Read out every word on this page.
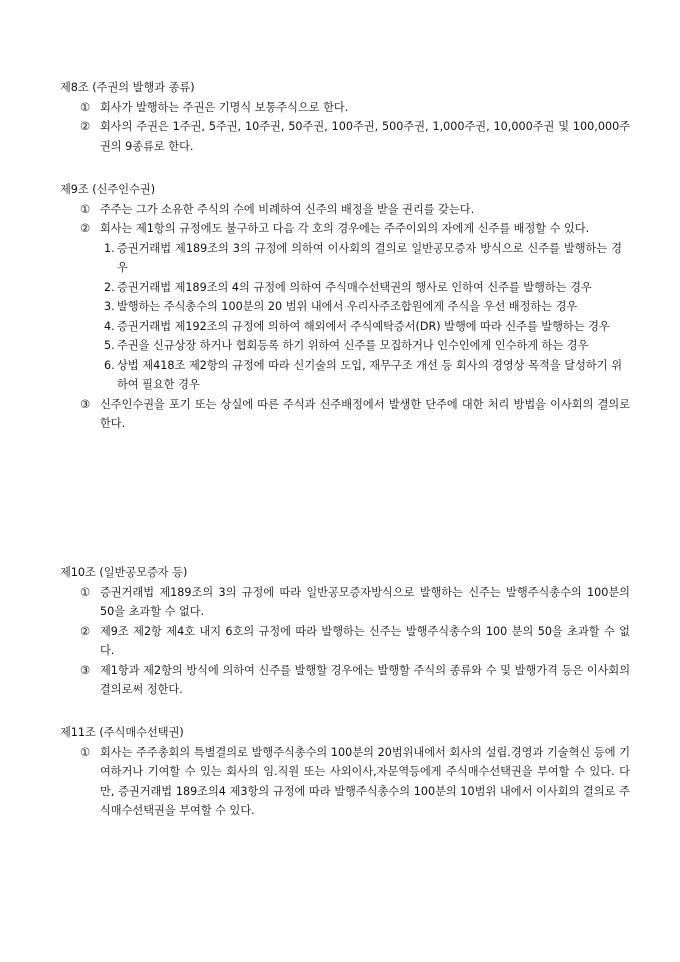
제8조 (주권의 발행과 종류)

① 회사가 발행하는 주권은 기명식 보통주식으로 한다.

② 회사의 주권은 1주권, 5주권, 10주권, 50주권, 100주권, 500주권, 1,000주권, 10,000주권 및 100,000주권의 9종류로 한다.

제9조 (신주인수권)

① 주주는 그가 소유한 주식의 수에 비례하여 신주의 배정을 받을 권리를 갖는다.

② 회사는 제1항의 규정에도 불구하고 다음 각 호의 경우에는 주주이외의 자에게 신주를 배정할 수 있다.

1. 증권거래법 제189조의 3의 규정에 의하여 이사회의 결의로 일반공모증자 방식으로 신주를 발행하는 경우

2. 증권거래법 제189조의 4의 규정에 의하여 주식매수선택권의 행사로 인하여 신주를 발행하는 경우

3. 발행하는 주식총수의 100분의 20 범위 내에서 우리사주조합원에게 주식을 우선 배정하는 경우

4. 증권거래법 제192조의 규정에 의하여 해외에서 주식예탁증서(DR) 발행에 따라 신주를 발행하는 경우

5. 주권을 신규상장 하거나 협회등록 하기 위하여 신주를 모집하거나 인수인에게 인수하게 하는 경우

6. 상법 제418조 제2항의 규정에 따라 신기술의 도입, 재무구조 개선 등 회사의 경영상 목적을 달성하기 위하여 필요한 경우

③ 신주인수권을 포기 또는 상실에 따른 주식과 신주배정에서 발생한 단주에 대한 처리 방법을 이사회의 결의로 한다.

제10조 (일반공모증자 등)

① 증권거래법 제189조의 3의 규정에 따라 일반공모증자방식으로 발행하는 신주는 발행주식총수의 100분의 50을 초과할 수 없다.

② 제9조 제2항 제4호 내지 6호의 규정에 따라 발행하는 신주는 발행주식총수의 100 분의 50을 초과할 수 없다.

③ 제1항과 제2항의 방식에 의하여 신주를 발행할 경우에는 발행할 주식의 종류와 수 및 발행가격 등은 이사회의 결의로써 정한다.

제11조 (주식매수선택권)

① 회사는 주주총회의 특별결의로 발행주식총수의 100분의 20범위내에서 회사의 설립.경영과 기술혁신 등에 기여하거나 기여할 수 있는 회사의 임.직원 또는 사외이사,자문역등에게 주식매수선택권을 부여할 수 있다. 다만, 증권거래법 189조의4 제3항의 규정에 따라 발행주식총수의 100분의 10범위 내에서 이사회의 결의로 주식매수선택권을 부여할 수 있다.
